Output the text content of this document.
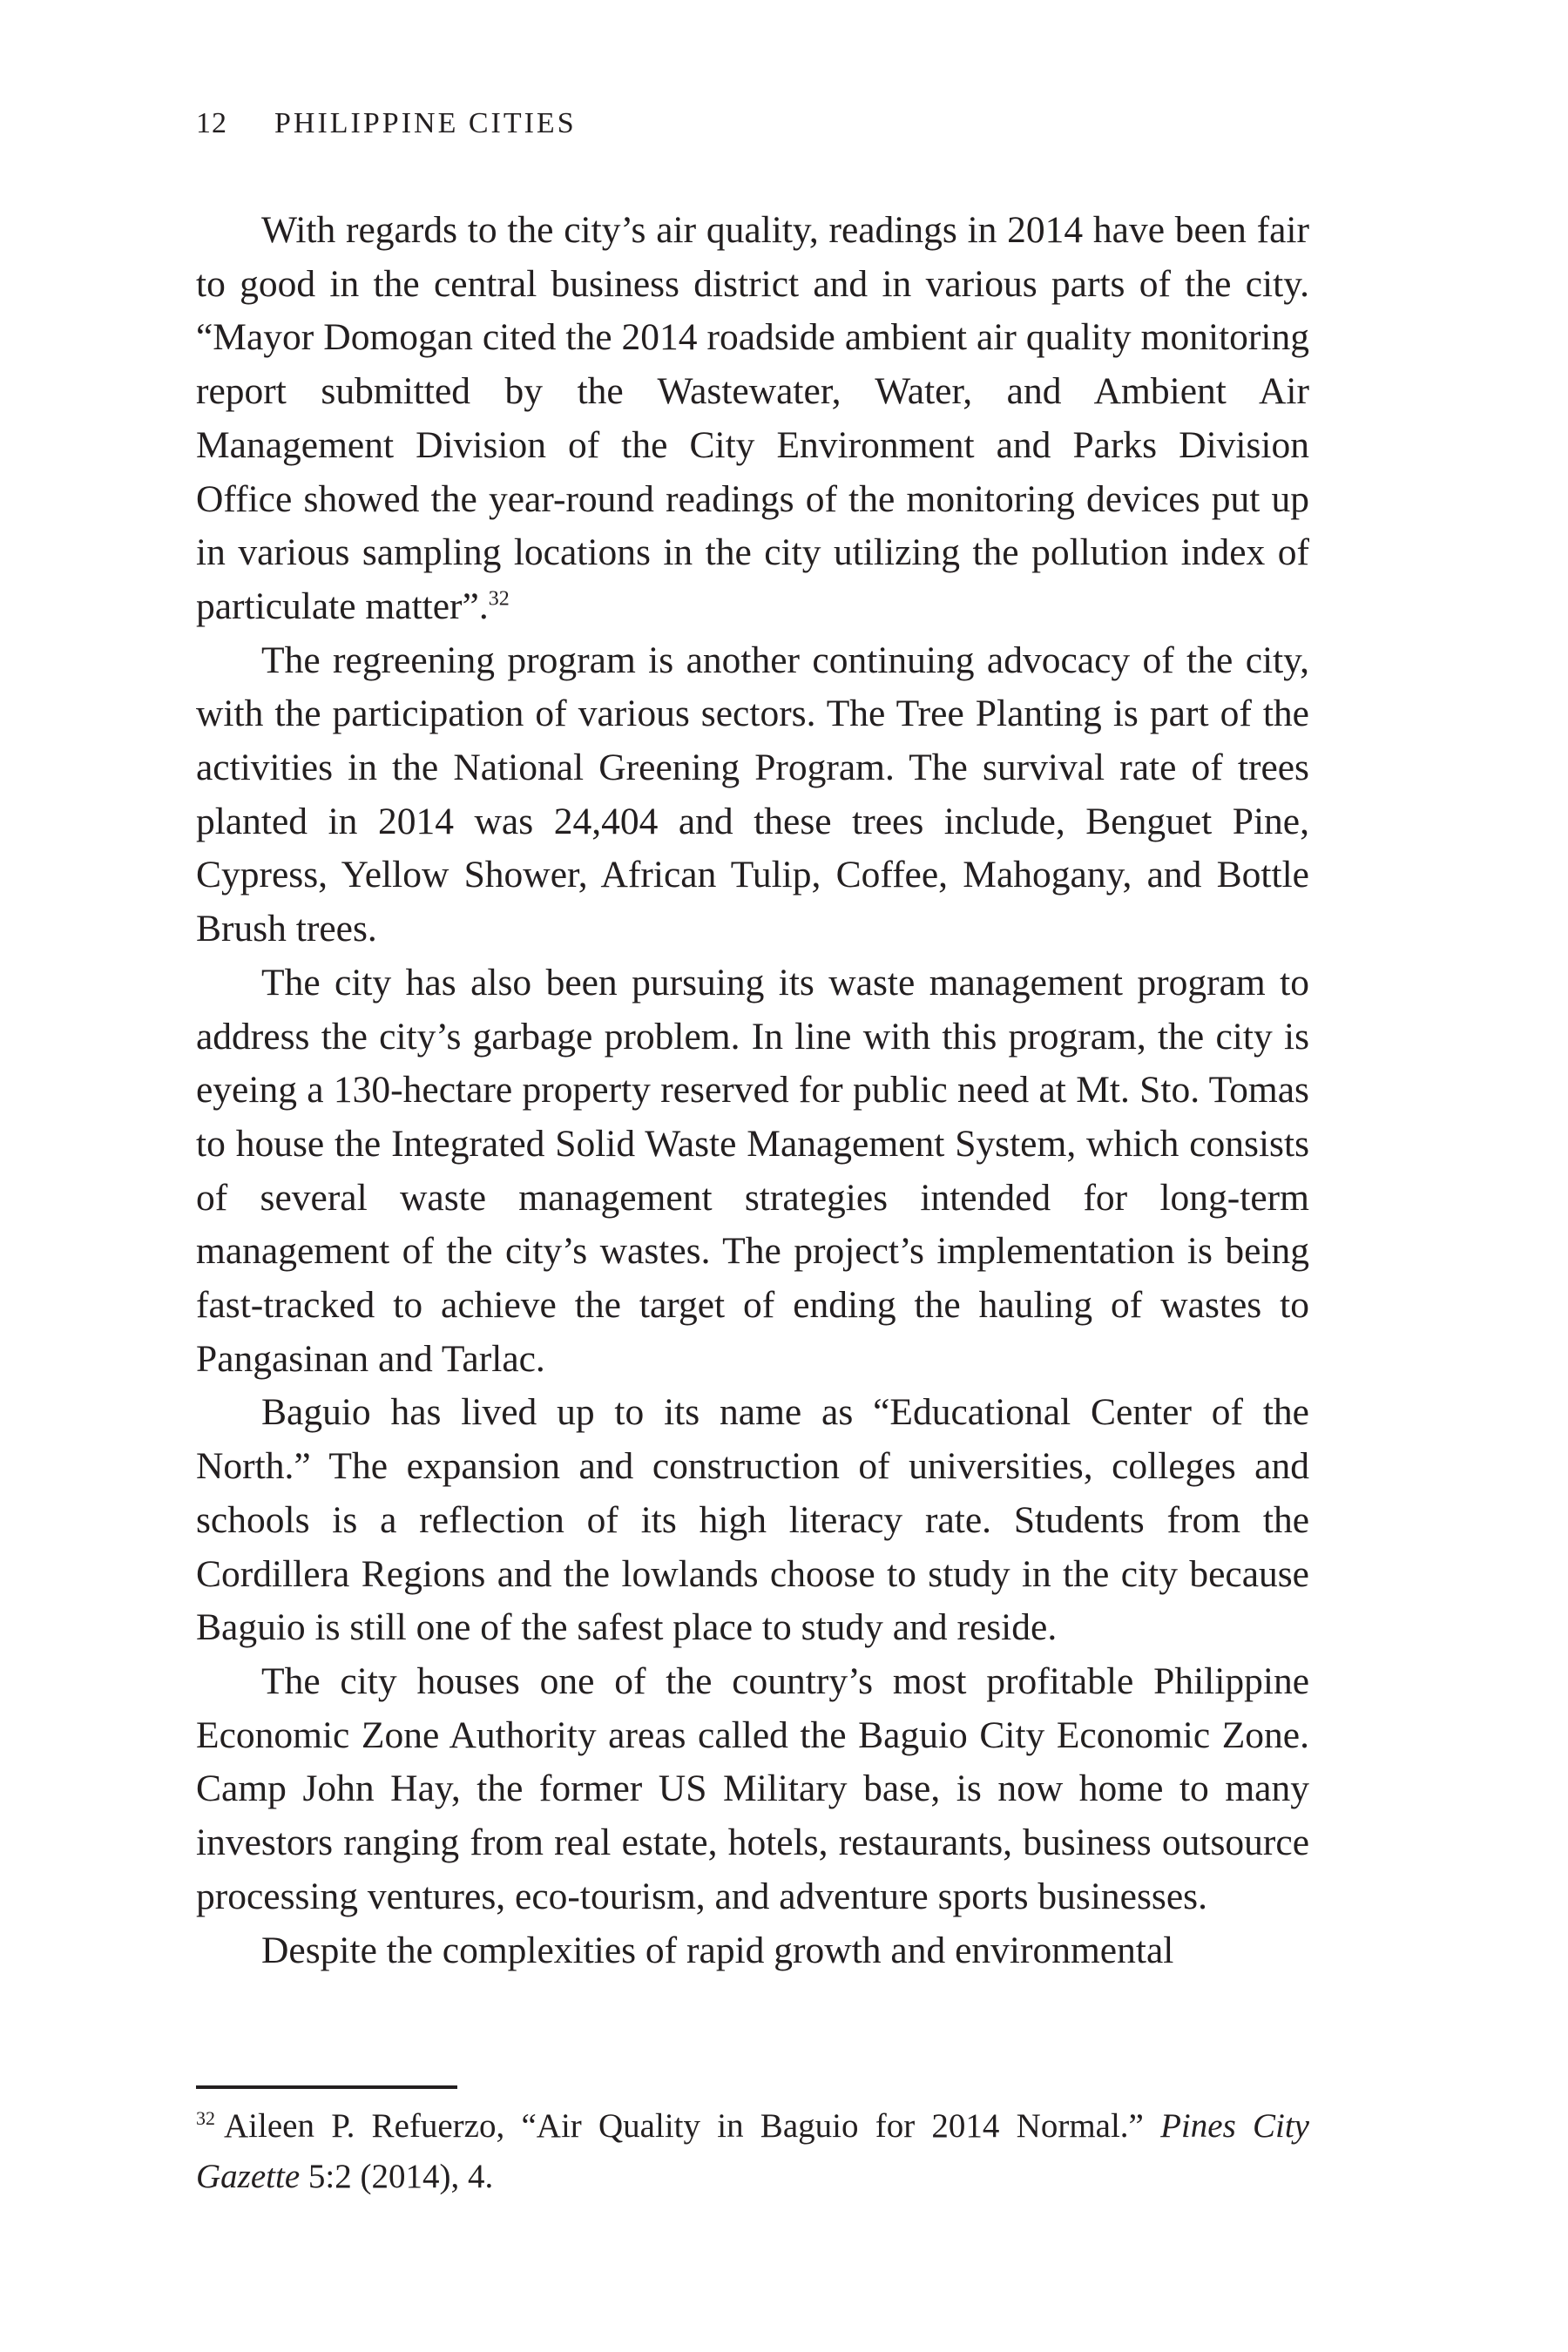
12 PHILIPPINE CITIES

With regards to the city’s air quality, readings in 2014 have been fair to good in the central business district and in various parts of the city. “Mayor Domogan cited the 2014 roadside ambient air quality monitoring report submitted by the Wastewater, Water, and Ambient Air Management Division of the City Environment and Parks Division Office showed the year-round readings of the monitoring devices put up in various sampling locations in the city utilizing the pollution index of particulate matter”.$^{32}$

The regreening program is another continuing advocacy of the city, with the participation of various sectors. The Tree Planting is part of the activities in the National Greening Program. The survival rate of trees planted in 2014 was 24,404 and these trees include, Benguet Pine, Cypress, Yellow Shower, African Tulip, Coffee, Mahogany, and Bottle Brush trees.

The city has also been pursuing its waste management program to address the city’s garbage problem. In line with this program, the city is eyeing a 130-hectare property reserved for public need at Mt. Sto. Tomas to house the Integrated Solid Waste Management System, which consists of several waste management strategies intended for long-term management of the city’s wastes. The project’s implementation is being fast-tracked to achieve the target of ending the hauling of wastes to Pangasinan and Tarlac.

Baguio has lived up to its name as “Educational Center of the North.” The expansion and construction of universities, colleges and schools is a reflection of its high literacy rate. Students from the Cordillera Regions and the lowlands choose to study in the city because Baguio is still one of the safest place to study and reside.

The city houses one of the country’s most profitable Philippine Economic Zone Authority areas called the Baguio City Economic Zone. Camp John Hay, the former US Military base, is now home to many investors ranging from real estate, hotels, restaurants, business outsource processing ventures, eco-tourism, and adventure sports businesses.

Despite the complexities of rapid growth and environmental

$^{32}$ Aileen P. Refuerzo, “Air Quality in Baguio for 2014 Normal.” Pines City Gazette 5:2 (2014), 4.
